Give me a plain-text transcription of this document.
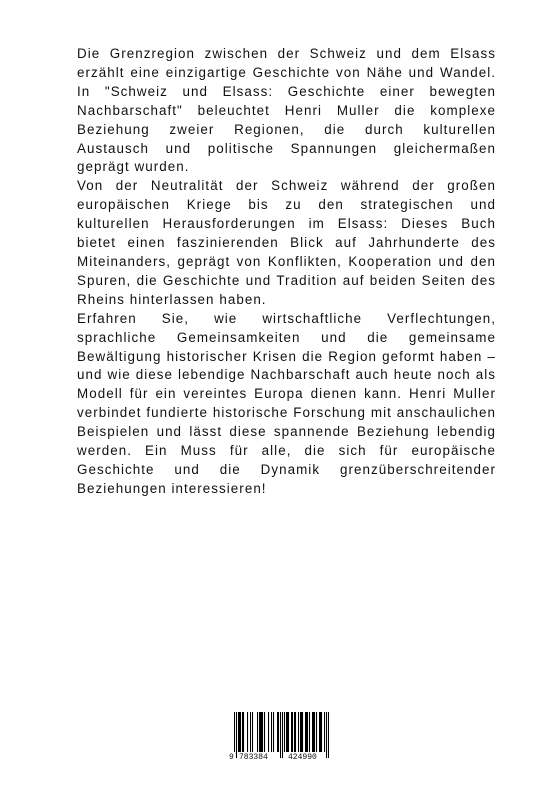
Die Grenzregion zwischen der Schweiz und dem Elsass erzählt eine einzigartige Geschichte von Nähe und Wandel. In "Schweiz und Elsass: Geschichte einer bewegten Nachbarschaft" beleuchtet Henri Muller die komplexe Beziehung zweier Regionen, die durch kulturellen Austausch und politische Spannungen gleichermaßen geprägt wurden.

Von der Neutralität der Schweiz während der großen europäischen Kriege bis zu den strategischen und kulturellen Herausforderungen im Elsass: Dieses Buch bietet einen faszinierenden Blick auf Jahrhunderte des Miteinanders, geprägt von Konflikten, Kooperation und den Spuren, die Geschichte und Tradition auf beiden Seiten des Rheins hinterlassen haben.

Erfahren Sie, wie wirtschaftliche Verflechtungen, sprachliche Gemeinsamkeiten und die gemeinsame Bewältigung historischer Krisen die Region geformt haben – und wie diese lebendige Nachbarschaft auch heute noch als Modell für ein vereintes Europa dienen kann. Henri Muller verbindet fundierte historische Forschung mit anschaulichen Beispielen und lässt diese spannende Beziehung lebendig werden. Ein Muss für alle, die sich für europäische Geschichte und die Dynamik grenzüberschreitender Beziehungen interessieren!

9 783384	424990
